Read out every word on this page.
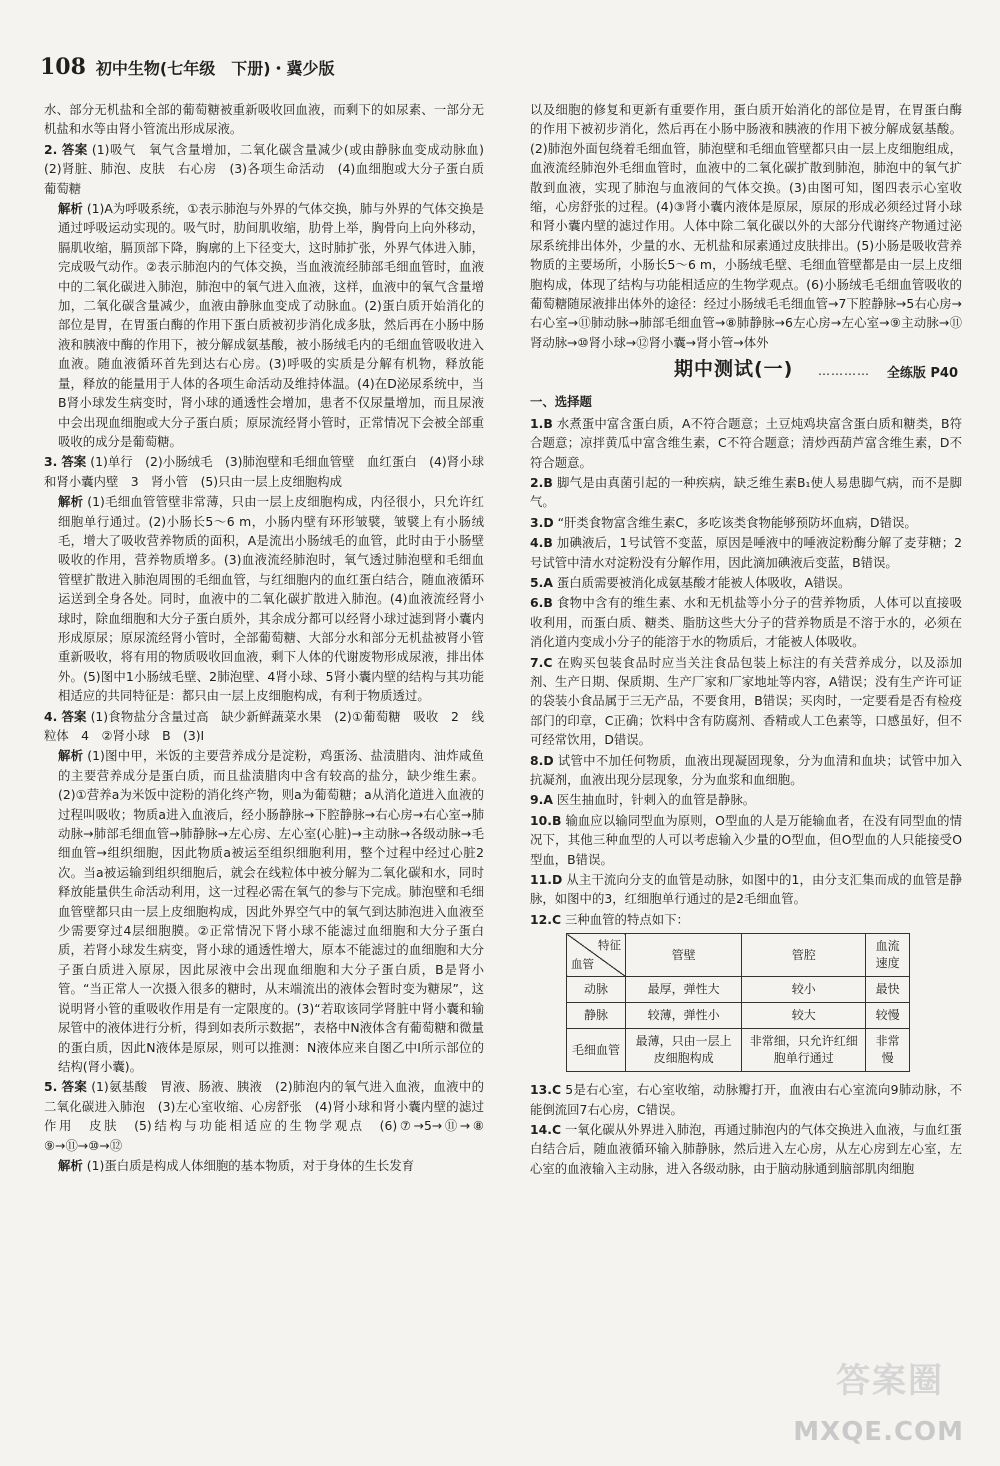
108 初中生物(七年级　下册)・冀少版

水、部分无机盐和全部的葡萄糖被重新吸收回血液，而剩下的如尿素、一部分无机盐和水等由肾小管流出形成尿液。

2. 答案 (1)吸气　氧气含量增加，二氧化碳含量减少(或由静脉血变成动脉血)　(2)肾脏、肺泡、皮肤　右心房　(3)各项生命活动　(4)血细胞或大分子蛋白质　葡萄糖

解析 (1)A为呼吸系统，①表示肺泡与外界的气体交换，肺与外界的气体交换是通过呼吸运动实现的。吸气时，肋间肌收缩，肋骨上举，胸骨向上向外移动，膈肌收缩，膈顶部下降，胸廓的上下径变大，这时肺扩张，外界气体进入肺，完成吸气动作。②表示肺泡内的气体交换，当血液流经肺部毛细血管时，血液中的二氧化碳进入肺泡，肺泡中的氧气进入血液，这样，血液中的氧气含量增加，二氧化碳含量减少，血液由静脉血变成了动脉血。(2)蛋白质开始消化的部位是胃，在胃蛋白酶的作用下蛋白质被初步消化成多肽，然后再在小肠中肠液和胰液中酶的作用下，被分解成氨基酸，被小肠绒毛内的毛细血管吸收进入血液。随血液循环首先到达右心房。(3)呼吸的实质是分解有机物，释放能量，释放的能量用于人体的各项生命活动及维持体温。(4)在D泌尿系统中，当B肾小球发生病变时，肾小球的通透性会增加，患者不仅尿量增加，而且尿液中会出现血细胞或大分子蛋白质；原尿流经肾小管时，正常情况下会被全部重吸收的成分是葡萄糖。

3. 答案 (1)单行　(2)小肠绒毛　(3)肺泡壁和毛细血管壁　血红蛋白　(4)肾小球和肾小囊内壁　3　肾小管　(5)只由一层上皮细胞构成

解析 (1)毛细血管管壁非常薄，只由一层上皮细胞构成，内径很小，只允许红细胞单行通过。(2)小肠长5～6 m，小肠内壁有环形皱襞，皱襞上有小肠绒毛，增大了吸收营养物质的面积，A是流出小肠绒毛的血管，此时由于小肠壁吸收的作用，营养物质增多。(3)血液流经肺泡时，氧气透过肺泡壁和毛细血管壁扩散进入肺泡周围的毛细血管，与红细胞内的血红蛋白结合，随血液循环运送到全身各处。同时，血液中的二氧化碳扩散进入肺泡。(4)血液流经肾小球时，除血细胞和大分子蛋白质外，其余成分都可以经肾小球过滤到肾小囊内形成原尿；原尿流经肾小管时，全部葡萄糖、大部分水和部分无机盐被肾小管重新吸收，将有用的物质吸收回血液，剩下人体的代谢废物形成尿液，排出体外。(5)图中1小肠绒毛壁、2肺泡壁、4肾小球、5肾小囊内壁的结构与其功能相适应的共同特征是：都只由一层上皮细胞构成，有利于物质透过。

4. 答案 (1)食物盐分含量过高　缺少新鲜蔬菜水果　(2)①葡萄糖　吸收　2　线粒体　4　②肾小球　B　(3)Ⅰ

解析 (1)图中甲，米饭的主要营养成分是淀粉，鸡蛋汤、盐渍腊肉、油炸咸鱼的主要营养成分是蛋白质，而且盐渍腊肉中含有较高的盐分，缺少维生素。(2)①营养a为米饭中淀粉的消化终产物，则a为葡萄糖；a从消化道进入血液的过程叫吸收；物质a进入血液后，经小肠静脉→下腔静脉→右心房→右心室→肺动脉→肺部毛细血管→肺静脉→左心房、左心室(心脏)→主动脉→各级动脉→毛细血管→组织细胞，因此物质a被运至组织细胞利用，整个过程中经过心脏2次。当a被运输到组织细胞后，就会在线粒体中被分解为二氧化碳和水，同时释放能量供生命活动利用，这一过程必需在氧气的参与下完成。肺泡壁和毛细血管壁都只由一层上皮细胞构成，因此外界空气中的氧气到达肺泡进入血液至少需要穿过4层细胞膜。②正常情况下肾小球不能滤过血细胞和大分子蛋白质，若肾小球发生病变，肾小球的通透性增大，原本不能滤过的血细胞和大分子蛋白质进入原尿，因此尿液中会出现血细胞和大分子蛋白质，B是肾小管。“当正常人一次摄入很多的糖时，从末端流出的液体会暂时变为糖尿”，这说明肾小管的重吸收作用是有一定限度的。(3)“若取该同学肾脏中肾小囊和输尿管中的液体进行分析，得到如表所示数据”，表格中N液体含有葡萄糖和微量的蛋白质，因此N液体是原尿，则可以推测：N液体应来自图乙中Ⅰ所示部位的结构(肾小囊)。

5. 答案 (1)氨基酸　胃液、肠液、胰液　(2)肺泡内的氧气进入血液，血液中的二氧化碳进入肺泡　(3)左心室收缩、心房舒张　(4)肾小球和肾小囊内壁的滤过作用　皮肤　(5)结构与功能相适应的生物学观点　(6)⑦→5→⑪→⑧　⑨→⑪→⑩→⑫

解析 (1)蛋白质是构成人体细胞的基本物质，对于身体的生长发育

以及细胞的修复和更新有重要作用，蛋白质开始消化的部位是胃，在胃蛋白酶的作用下被初步消化，然后再在小肠中肠液和胰液的作用下被分解成氨基酸。(2)肺泡外面包绕着毛细血管，肺泡壁和毛细血管壁都只由一层上皮细胞组成，血液流经肺泡外毛细血管时，血液中的二氧化碳扩散到肺泡，肺泡中的氧气扩散到血液，实现了肺泡与血液间的气体交换。(3)由图可知，图四表示心室收缩，心房舒张的过程。(4)③肾小囊内液体是原尿，原尿的形成必须经过肾小球和肾小囊内壁的滤过作用。人体中除二氧化碳以外的大部分代谢终产物通过泌尿系统排出体外，少量的水、无机盐和尿素通过皮肤排出。(5)小肠是吸收营养物质的主要场所，小肠长5～6 m，小肠绒毛壁、毛细血管壁都是由一层上皮细胞构成，体现了结构与功能相适应的生物学观点。(6)小肠绒毛毛细血管吸收的葡萄糖随尿液排出体外的途径：经过小肠绒毛毛细血管→7下腔静脉→5右心房→右心室→⑪肺动脉→肺部毛细血管→⑧肺静脉→6左心房→左心室→⑨主动脉→⑪肾动脉→⑩肾小球→⑫肾小囊→肾小管→体外

期中测试(一) ………… 全练版 P40
一、选择题

1.B 水煮蛋中富含蛋白质，A不符合题意；土豆炖鸡块富含蛋白质和糖类，B符合题意；凉拌黄瓜中富含维生素，C不符合题意；清炒西葫芦富含维生素，D不符合题意。

2.B 脚气是由真菌引起的一种疾病，缺乏维生素B₁使人易患脚气病，而不是脚气。

3.D “肝类食物富含维生素C，多吃该类食物能够预防坏血病，D错误。

4.B 加碘液后，1号试管不变蓝，原因是唾液中的唾液淀粉酶分解了麦芽糖；2号试管中清水对淀粉没有分解作用，因此滴加碘液后变蓝，B错误。

5.A 蛋白质需要被消化成氨基酸才能被人体吸收，A错误。

6.B 食物中含有的维生素、水和无机盐等小分子的营养物质，人体可以直接吸收利用，而蛋白质、糖类、脂肪这些大分子的营养物质是不溶于水的，必须在消化道内变成小分子的能溶于水的物质后，才能被人体吸收。

7.C 在购买包装食品时应当关注食品包装上标注的有关营养成分，以及添加剂、生产日期、保质期、生产厂家和厂家地址等内容，A错误；没有生产许可证的袋装小食品属于三无产品，不要食用，B错误；买肉时，一定要看是否有检疫部门的印章，C正确；饮料中含有防腐剂、香精或人工色素等，口感虽好，但不可经常饮用，D错误。

8.D 试管中不加任何物质，血液出现凝固现象，分为血清和血块；试管中加入抗凝剂，血液出现分层现象，分为血浆和血细胞。

9.A 医生抽血时，针刺入的血管是静脉。

10.B 输血应以输同型血为原则，O型血的人是万能输血者，在没有同型血的情况下，其他三种血型的人可以考虑输入少量的O型血，但O型血的人只能接受O型血，B错误。

11.D 从主干流向分支的血管是动脉，如图中的1，由分支汇集而成的血管是静脉，如图中的3，红细胞单行通过的是2毛细血管。

12.C 三种血管的特点如下：

特征
血管	管壁	管腔	血流速度
动脉	最厚，弹性大	较小	最快
静脉	较薄，弹性小	较大	较慢
毛细血管	最薄，只由一层上皮细胞构成	非常细，只允许红细胞单行通过	非常慢

13.C 5是右心室，右心室收缩，动脉瓣打开，血液由右心室流向9肺动脉，不能倒流回7右心房，C错误。

14.C 一氧化碳从外界进入肺泡，再通过肺泡内的气体交换进入血液，与血红蛋白结合后，随血液循环输入肺静脉，然后进入左心房，从左心房到左心室，左心室的血液输入主动脉，进入各级动脉，由于脑动脉通到脑部肌肉细胞

答案圈
MXQE.COM
